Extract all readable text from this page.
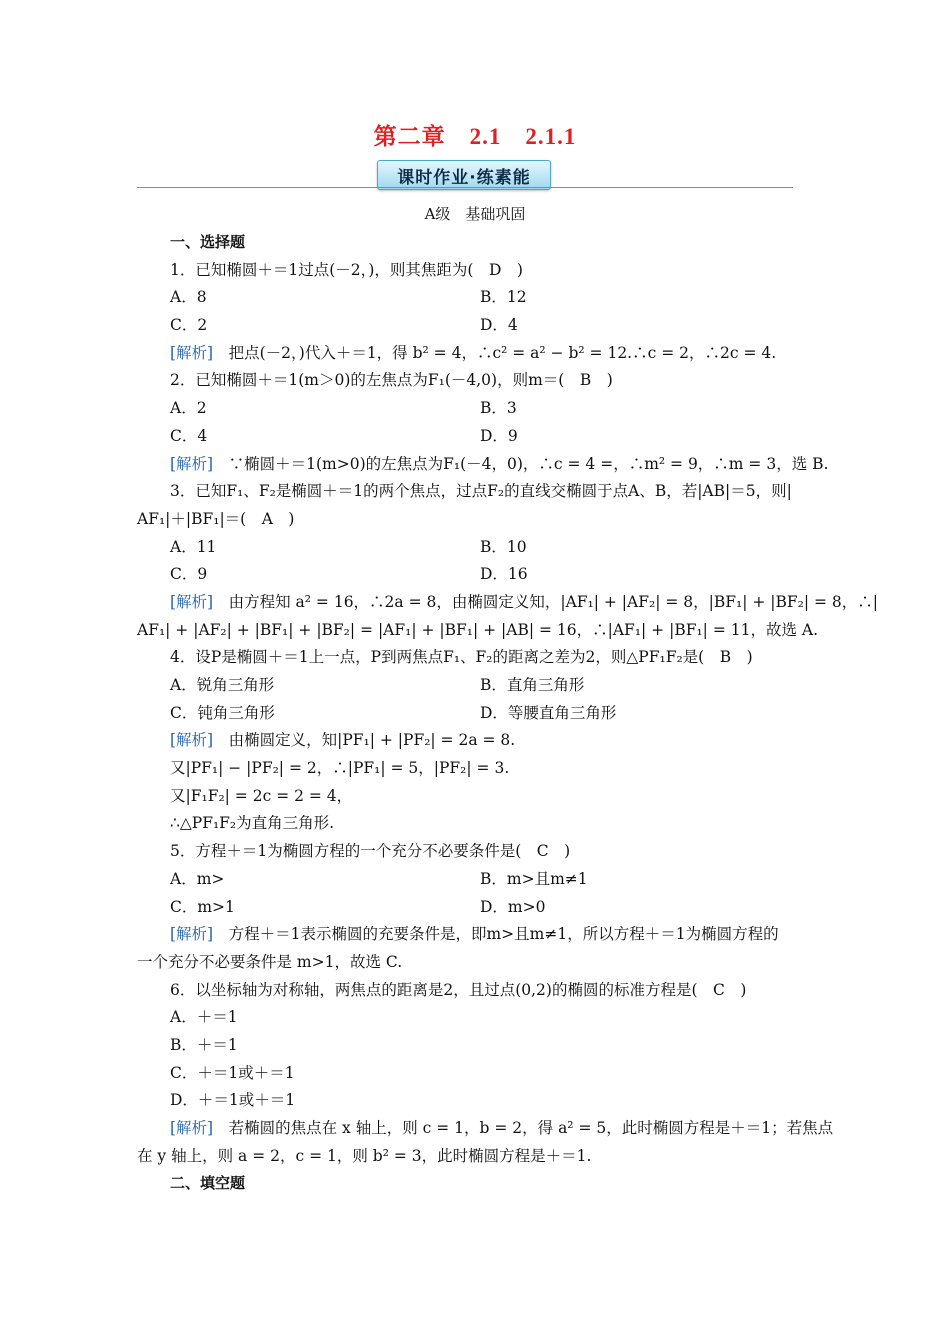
第二章　2.1　2.1.1
课时作业·练素能
A级　基础巩固
一、选择题
1．已知椭圆＋＝1过点(－2，)，则其焦距为(　D　)
A．8	B．12
C．2	D．4
[解析]　把点(－2，)代入＋＝1，得 b² = 4，∴c² = a² − b² = 12.∴c = 2，∴2c = 4.
2．已知椭圆＋＝1(m＞0)的左焦点为F₁(－4,0)，则m＝(　B　)
A．2	B．3
C．4	D．9
[解析]　∵椭圆＋＝1(m>0)的左焦点为F₁(－4，0)，∴c = 4 =，∴m² = 9，∴m = 3，选 B.
3．已知F₁、F₂是椭圆＋＝1的两个焦点，过点F₂的直线交椭圆于点A、B，若|AB|＝5，则|
AF₁|＋|BF₁|＝(　A　)
A．11	B．10
C．9	D．16
[解析]　由方程知 a² = 16，∴2a = 8，由椭圆定义知，|AF₁| + |AF₂| = 8，|BF₁| + |BF₂| = 8，∴|
AF₁| + |AF₂| + |BF₁| + |BF₂| = |AF₁| + |BF₁| + |AB| = 16，∴|AF₁| + |BF₁| = 11，故选 A.
4．设P是椭圆＋＝1上一点，P到两焦点F₁、F₂的距离之差为2，则△PF₁F₂是(　B　)
A．锐角三角形	B．直角三角形
C．钝角三角形	D．等腰直角三角形
[解析]　由椭圆定义，知|PF₁| + |PF₂| = 2a = 8.
又|PF₁| − |PF₂| = 2，∴|PF₁| = 5，|PF₂| = 3.
又|F₁F₂| = 2c = 2 = 4，
∴△PF₁F₂为直角三角形.
5．方程＋＝1为椭圆方程的一个充分不必要条件是(　C　)
A．m>	B．m>且m≠1
C．m>1	D．m>0
[解析]　方程＋＝1表示椭圆的充要条件是，即m>且m≠1，所以方程＋＝1为椭圆方程的
一个充分不必要条件是 m>1，故选 C.
6．以坐标轴为对称轴，两焦点的距离是2，且过点(0,2)的椭圆的标准方程是(　C　)
A．＋＝1
B．＋＝1
C．＋＝1或＋＝1
D．＋＝1或＋＝1
[解析]　若椭圆的焦点在 x 轴上，则 c = 1，b = 2，得 a² = 5，此时椭圆方程是＋＝1；若焦点
在 y 轴上，则 a = 2，c = 1，则 b² = 3，此时椭圆方程是＋＝1.
二、填空题
